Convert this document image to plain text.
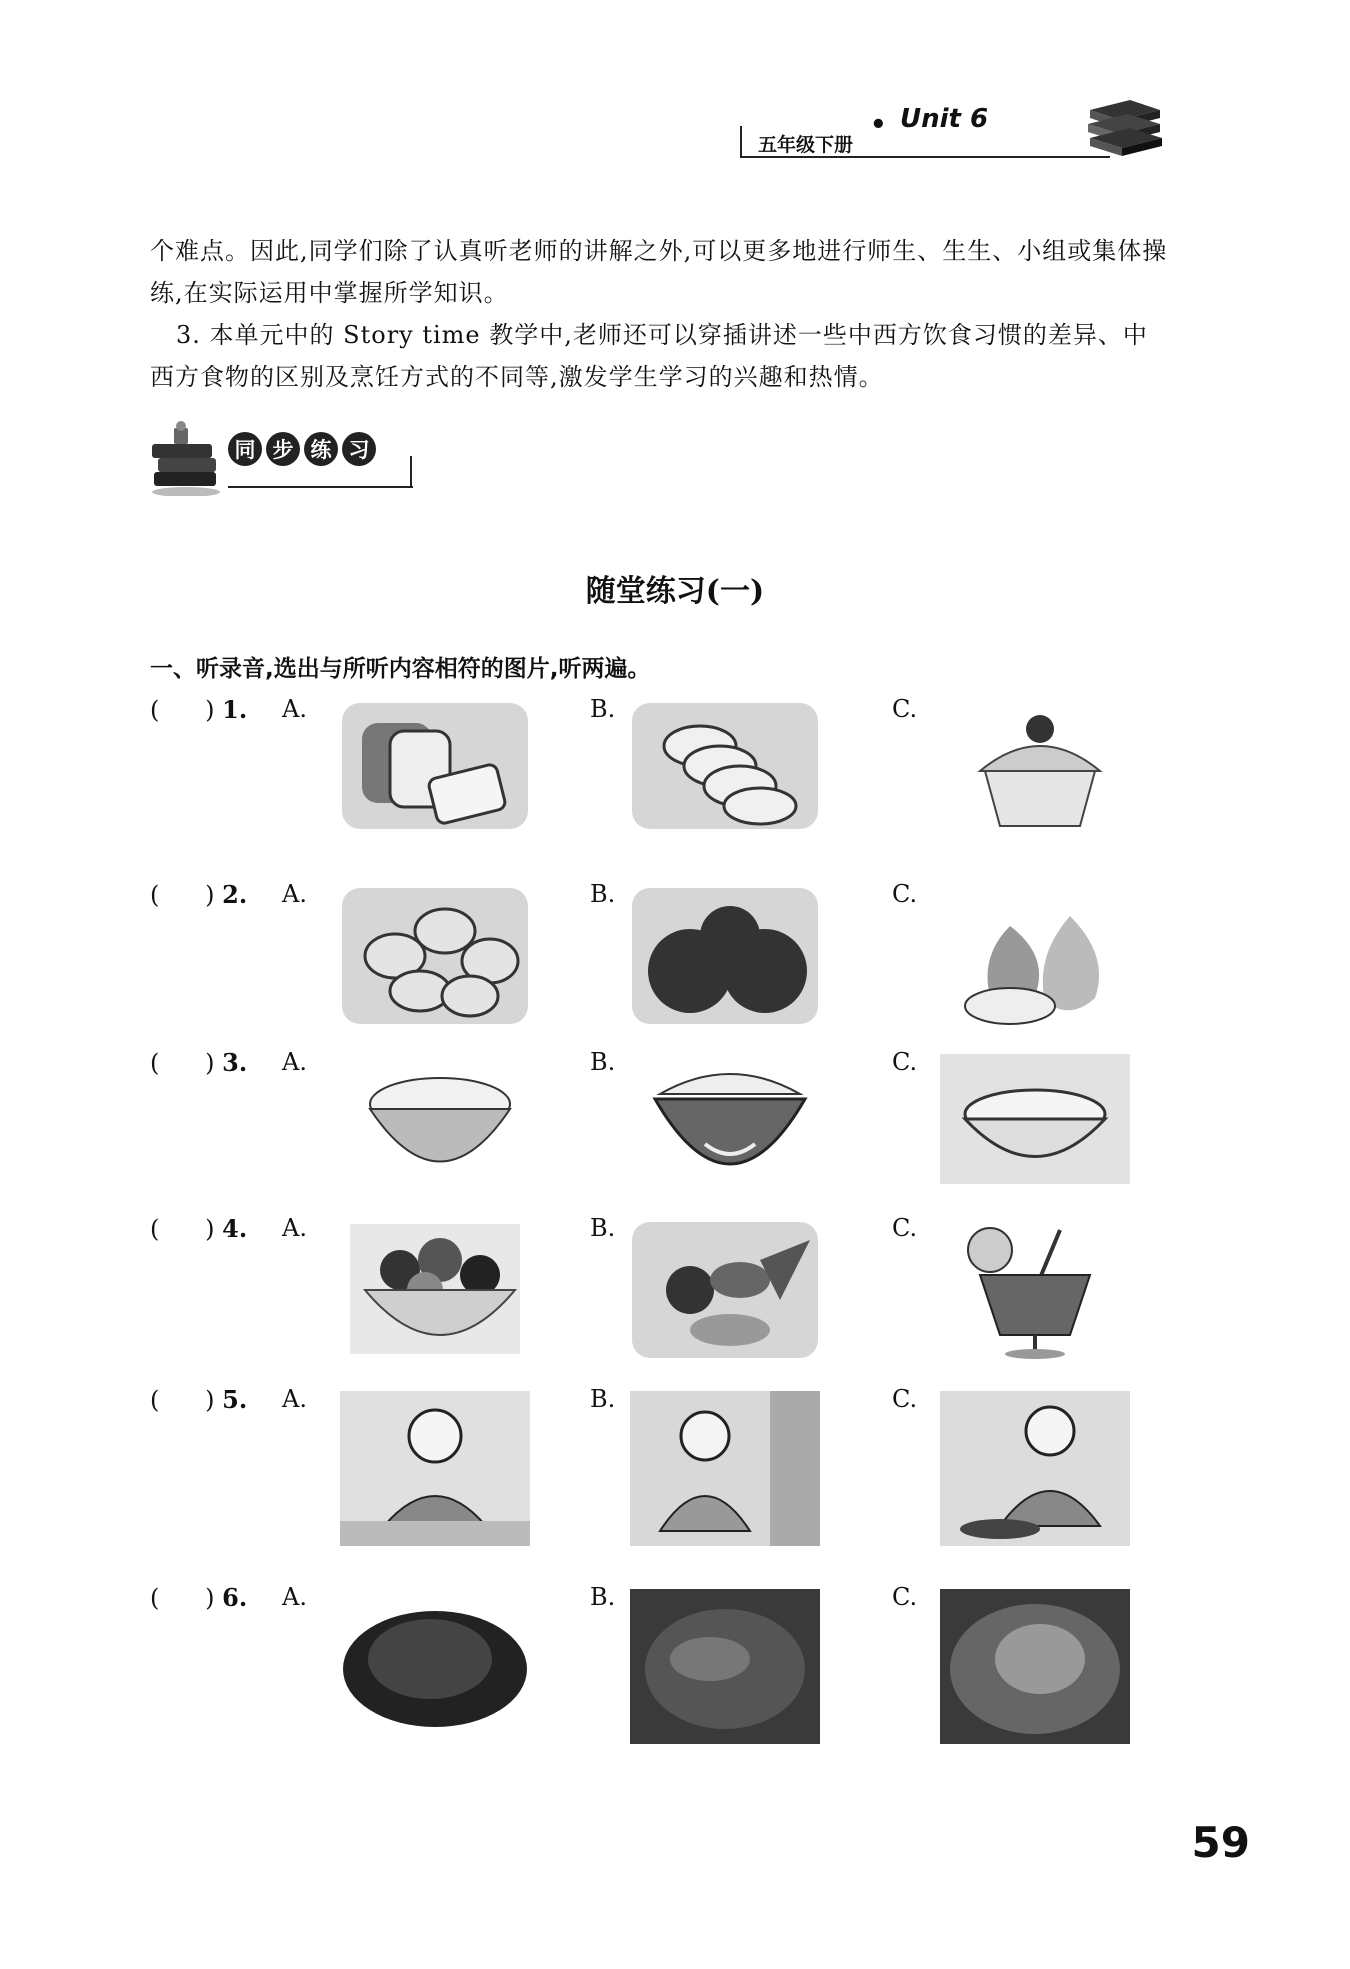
五年级下册
• Unit 6
个难点。因此,同学们除了认真听老师的讲解之外,可以更多地进行师生、生生、小组或集体操练,在实际运用中掌握所学知识。
3. 本单元中的 Story time 教学中,老师还可以穿插讲述一些中西方饮食习惯的差异、中西方食物的区别及烹饪方式的不同等,激发学生学习的兴趣和热情。
同 步 练 习
随堂练习(一)
一、听录音,选出与所听内容相符的图片,听两遍。
(      ) 1. A.	B.	C.
(      ) 2. A.	B.	C.
(      ) 3. A.	B.	C.
(      ) 4. A.	B.	C.
(      ) 5. A.	B.	C.
(      ) 6. A.	B.	C.
59
